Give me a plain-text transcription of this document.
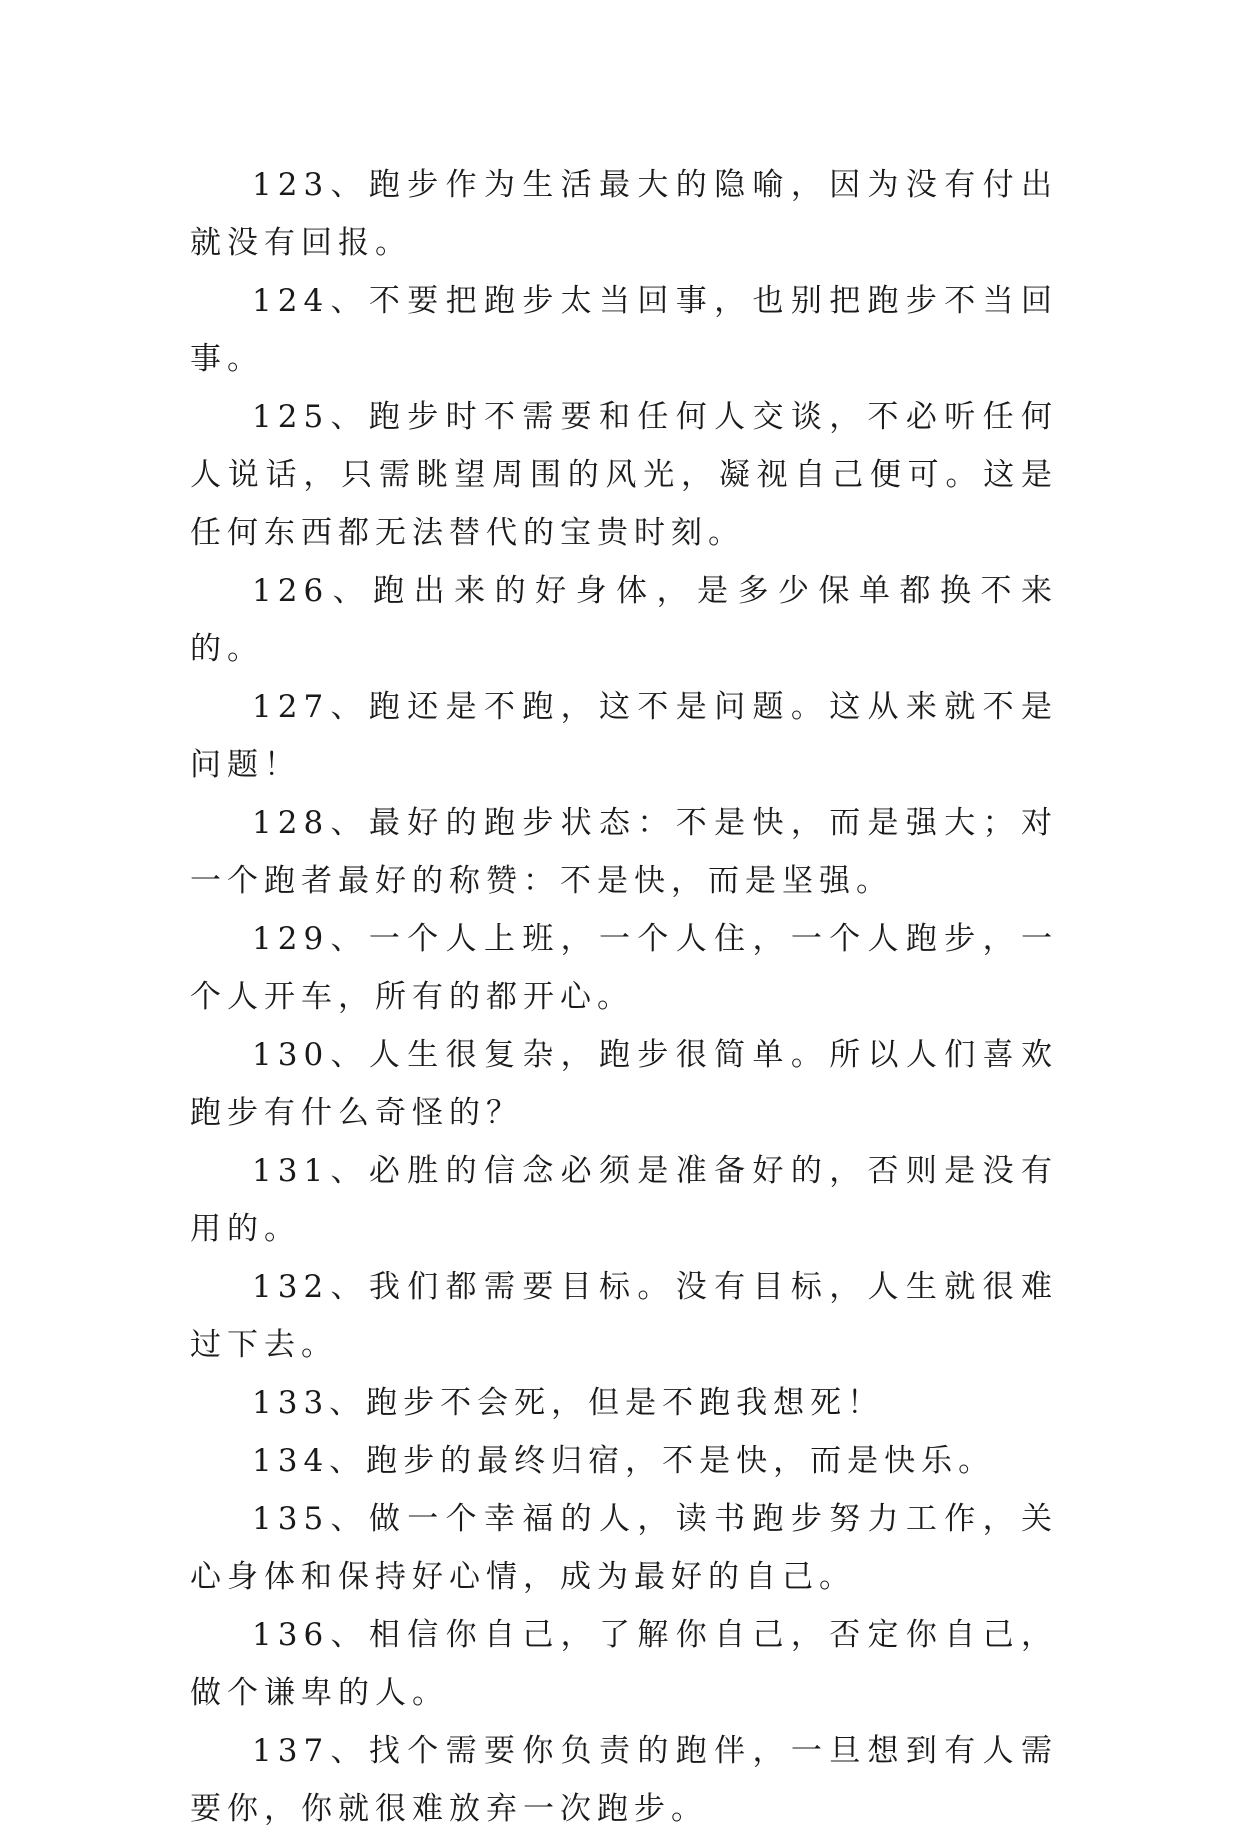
123、跑步作为生活最大的隐喻，因为没有付出就没有回报。

124、不要把跑步太当回事，也别把跑步不当回事。

125、跑步时不需要和任何人交谈，不必听任何人说话，只需眺望周围的风光，凝视自己便可。这是任何东西都无法替代的宝贵时刻。

126、跑出来的好身体，是多少保单都换不来的。

127、跑还是不跑，这不是问题。这从来就不是问题！

128、最好的跑步状态：不是快，而是强大；对一个跑者最好的称赞：不是快，而是坚强。

129、一个人上班，一个人住，一个人跑步，一个人开车，所有的都开心。

130、人生很复杂，跑步很简单。所以人们喜欢跑步有什么奇怪的？

131、必胜的信念必须是准备好的，否则是没有用的。

132、我们都需要目标。没有目标，人生就很难过下去。

133、跑步不会死，但是不跑我想死！

134、跑步的最终归宿，不是快，而是快乐。

135、做一个幸福的人，读书跑步努力工作，关心身体和保持好心情，成为最好的自己。

136、相信你自己，了解你自己，否定你自己，做个谦卑的人。

137、找个需要你负责的跑伴，一旦想到有人需要你，你就很难放弃一次跑步。
